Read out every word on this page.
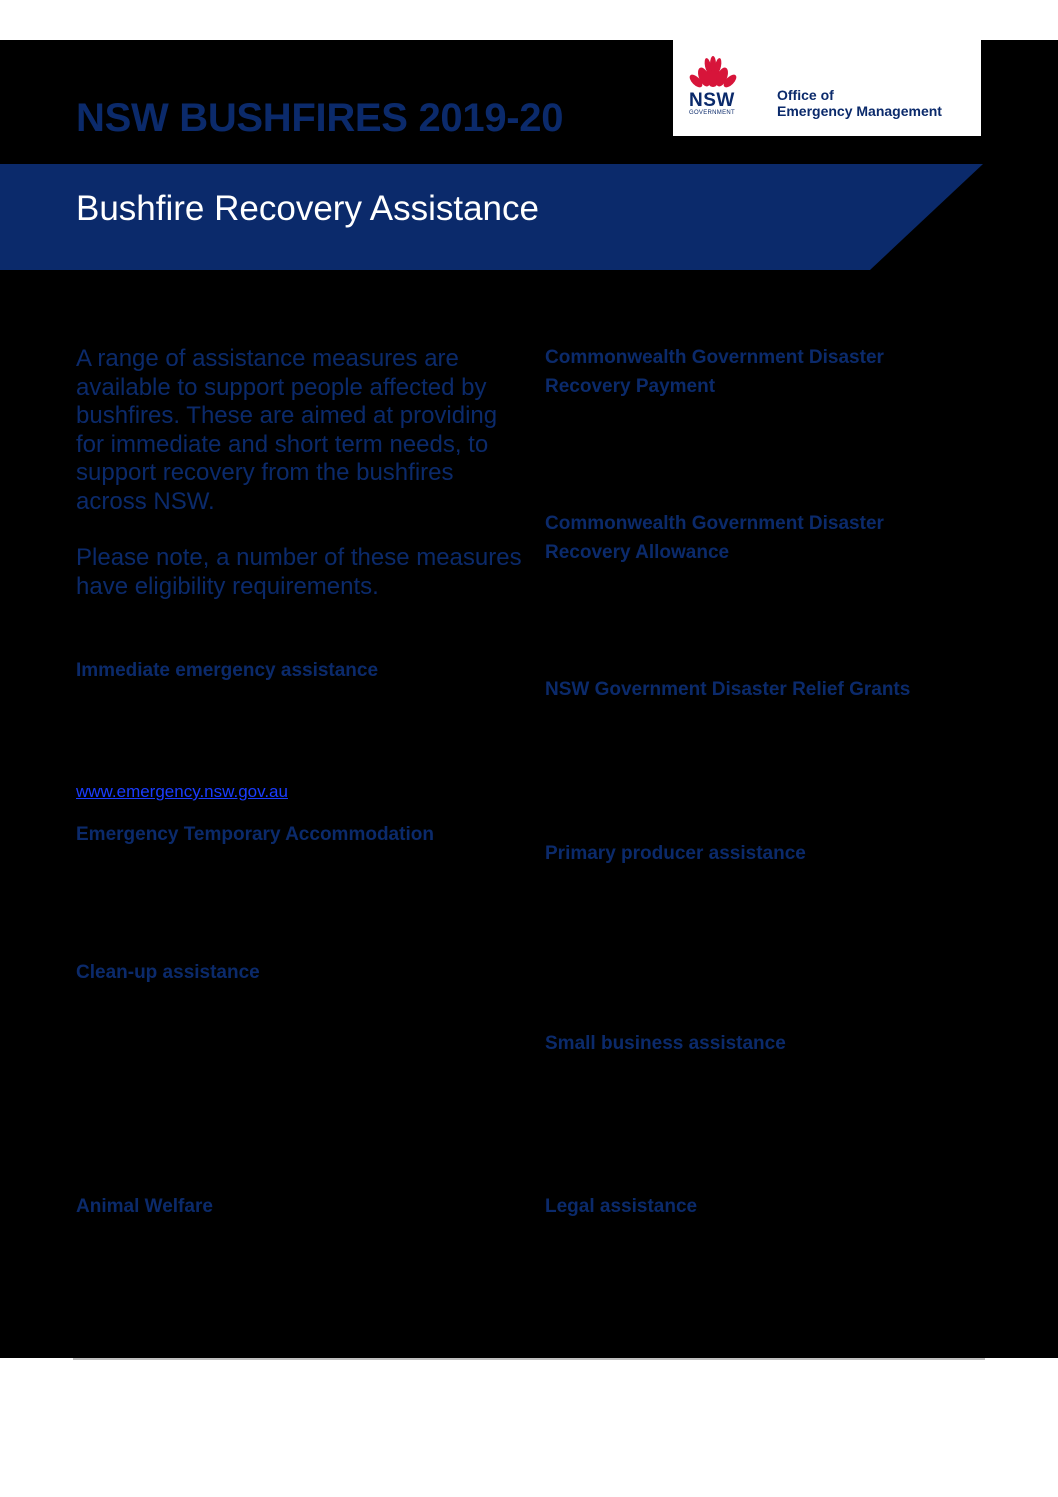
NSW BUSHFIRES 2019-20	NSW
GOVERNMENT
Office of
Emergency Management
Bushfire Recovery Assistance

A range of assistance measures are available to support people affected by bushfires. These are aimed at providing for immediate and short term needs, to support recovery from the bushfires across NSW.

Please note, a number of these measures have eligibility requirements.

Immediate emergency assistance
www.emergency.nsw.gov.au
Emergency Temporary Accommodation
Clean-up assistance
Animal Welfare
Commonwealth Government Disaster
Recovery Payment
Commonwealth Government Disaster
Recovery Allowance
NSW Government Disaster Relief Grants
Primary producer assistance
Small business assistance
Legal assistance
